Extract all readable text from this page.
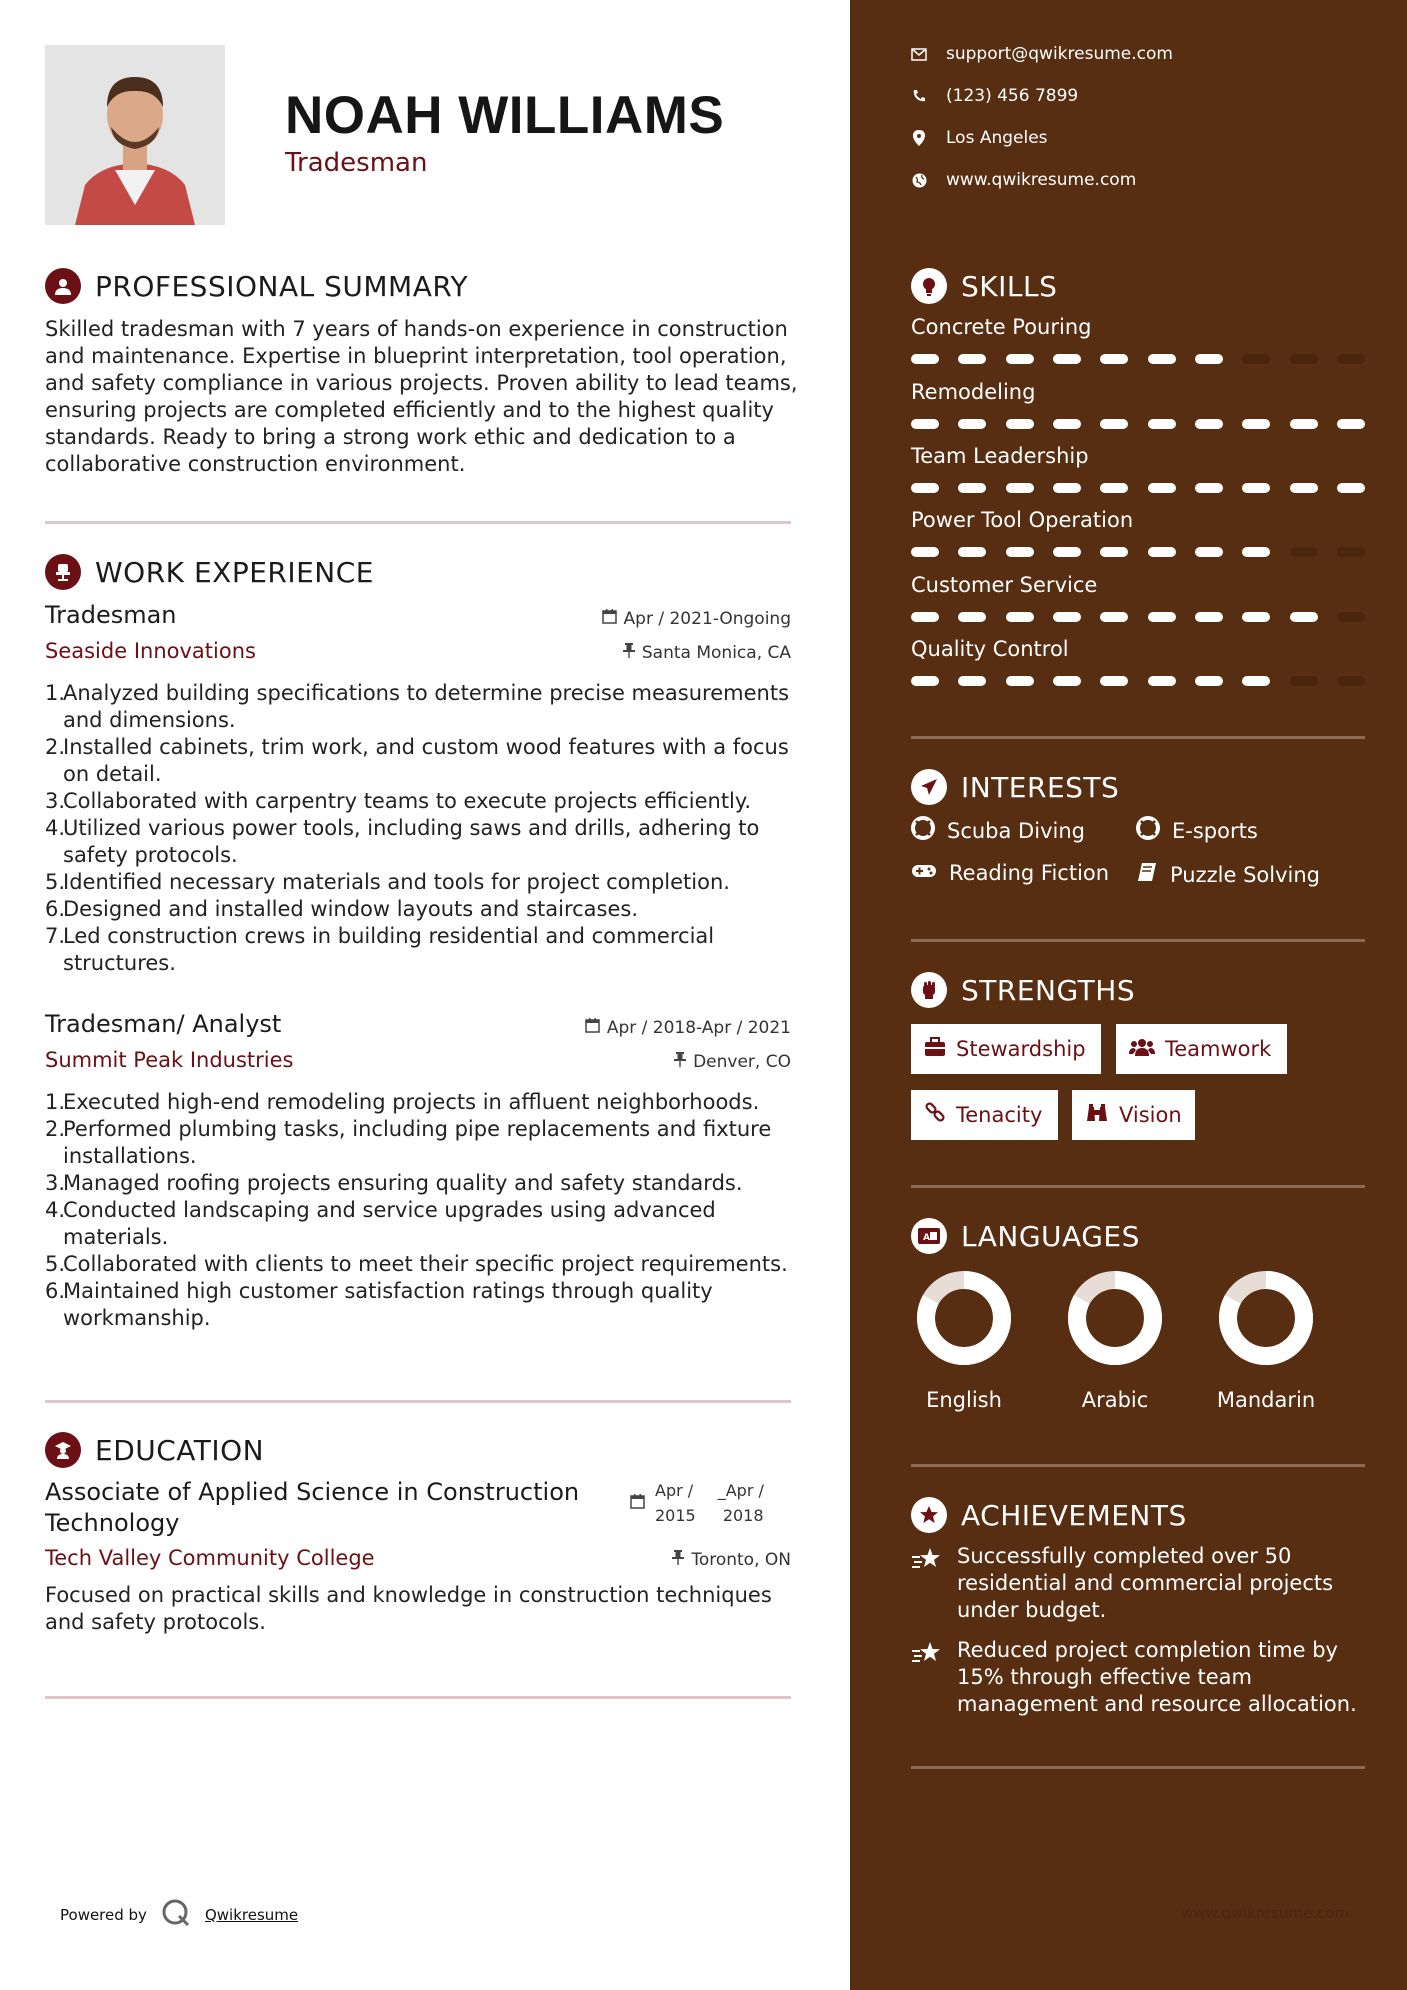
NOAH WILLIAMS
Tradesman
PROFESSIONAL SUMMARY

Skilled tradesman with 7 years of hands-on experience in construction and maintenance. Expertise in blueprint interpretation, tool operation, and safety compliance in various projects. Proven ability to lead teams, ensuring projects are completed efficiently and to the highest quality standards. Ready to bring a strong work ethic and dedication to a collaborative construction environment.

WORK EXPERIENCE
Tradesman	Apr / 2021-Ongoing
Seaside Innovations	Santa Monica, CA
1.
Analyzed building specifications to determine precise measurements and dimensions.
2.
Installed cabinets, trim work, and custom wood features with a focus on detail.
3.
Collaborated with carpentry teams to execute projects efficiently.
4.
Utilized various power tools, including saws and drills, adhering to safety protocols.
5.
Identified necessary materials and tools for project completion.
6.
Designed and installed window layouts and staircases.
7.
Led construction crews in building residential and commercial structures.
Tradesman/ Analyst	Apr / 2018-Apr / 2021
Summit Peak Industries	Denver, CO
1.
Executed high-end remodeling projects in affluent neighborhoods.
2.
Performed plumbing tasks, including pipe replacements and fixture installations.
3.
Managed roofing projects ensuring quality and safety standards.
4.
Conducted landscaping and service upgrades using advanced materials.
5.
Collaborated with clients to meet their specific project requirements.
6.
Maintained high customer satisfaction ratings through quality workmanship.
EDUCATION
Associate of Applied Science in Construction Technology
Apr /
2015
_Apr /
2018
Tech Valley Community College	Toronto, ON

Focused on practical skills and knowledge in construction techniques and safety protocols.

Powered by	Qwikresume
support@qwikresume.com
(123) 456 7899
Los Angeles
www.qwikresume.com
SKILLS
Concrete Pouring
Remodeling
Team Leadership
Power Tool Operation
Customer Service
Quality Control
INTERESTS
Scuba Diving	E-sports
Reading Fiction	Puzzle Solving
STRENGTHS
Stewardship	Teamwork
Tenacity	Vision
A LANGUAGES
English	Arabic	Mandarin
ACHIEVEMENTS
Successfully completed over 50 residential and commercial projects under budget.
Reduced project completion time by 15% through effective team management and resource allocation.
www.qwikresume.com
